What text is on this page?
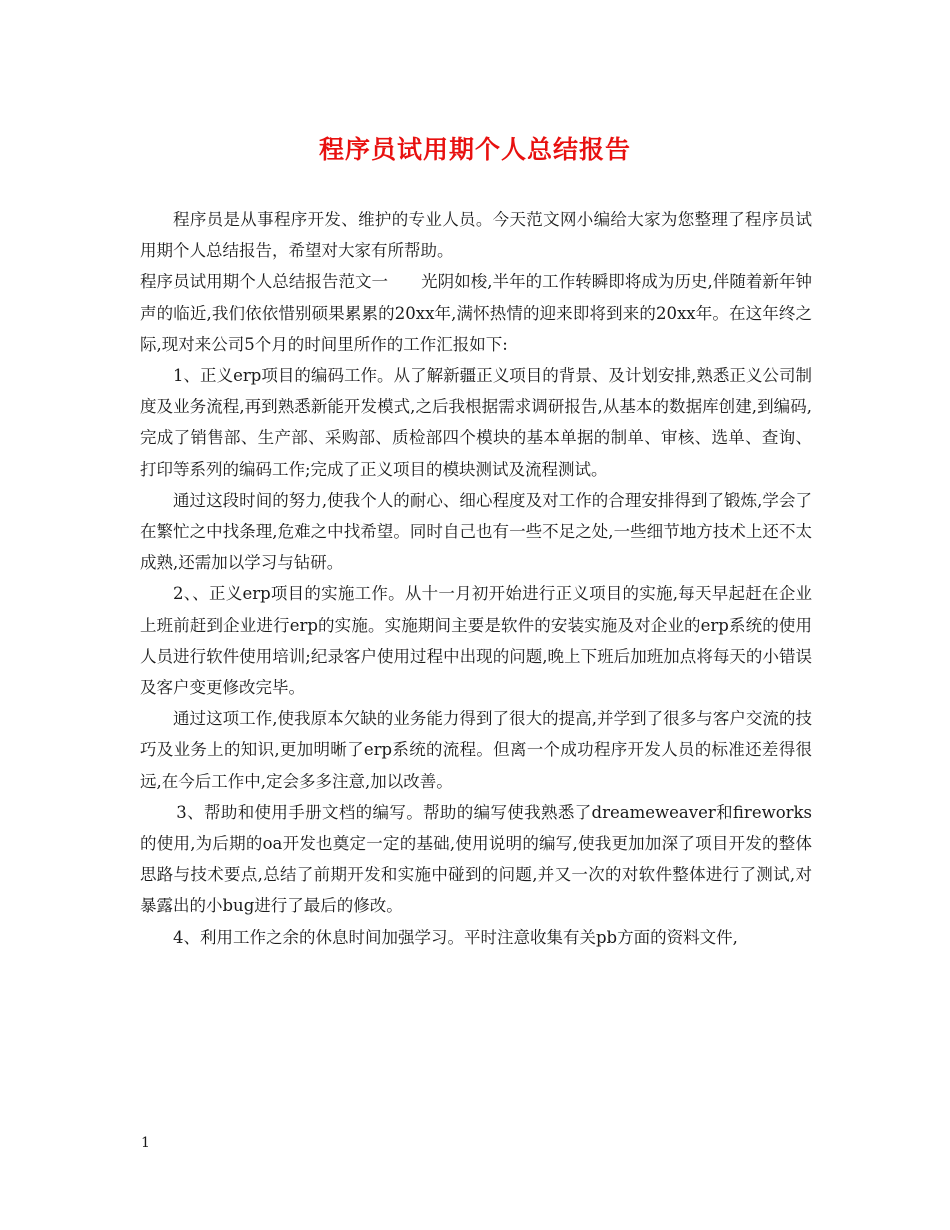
程序员试用期个人总结报告

程序员是从事程序开发、维护的专业人员。今天范文网小编给大家为您整理了程序员试用期个人总结报告，希望对大家有所帮助。

程序员试用期个人总结报告范文一　　光阴如梭,半年的工作转瞬即将成为历史,伴随着新年钟声的临近,我们依依惜别硕果累累的20xx年,满怀热情的迎来即将到来的20xx年。在这年终之际,现对来公司5个月的时间里所作的工作汇报如下:

1、正义erp项目的编码工作。从了解新疆正义项目的背景、及计划安排,熟悉正义公司制度及业务流程,再到熟悉新能开发模式,之后我根据需求调研报告,从基本的数据库创建,到编码,完成了销售部、生产部、采购部、质检部四个模块的基本单据的制单、审核、选单、查询、打印等系列的编码工作;完成了正义项目的模块测试及流程测试。

通过这段时间的努力,使我个人的耐心、细心程度及对工作的合理安排得到了锻炼,学会了在繁忙之中找条理,危难之中找希望。同时自己也有一些不足之处,一些细节地方技术上还不太成熟,还需加以学习与钻研。

2、、正义erp项目的实施工作。从十一月初开始进行正义项目的实施,每天早起赶在企业上班前赶到企业进行erp的实施。实施期间主要是软件的安装实施及对企业的erp系统的使用人员进行软件使用培训;纪录客户使用过程中出现的问题,晚上下班后加班加点将每天的小错误及客户变更修改完毕。

通过这项工作,使我原本欠缺的业务能力得到了很大的提高,并学到了很多与客户交流的技巧及业务上的知识,更加明晰了erp系统的流程。但离一个成功程序开发人员的标准还差得很远,在今后工作中,定会多多注意,加以改善。

3、帮助和使用手册文档的编写。帮助的编写使我熟悉了dreameweaver和fireworks的使用,为后期的oa开发也奠定一定的基础,使用说明的编写,使我更加加深了项目开发的整体思路与技术要点,总结了前期开发和实施中碰到的问题,并又一次的对软件整体进行了测试,对暴露出的小bug进行了最后的修改。

4、利用工作之余的休息时间加强学习。平时注意收集有关pb方面的资料文件,

1
